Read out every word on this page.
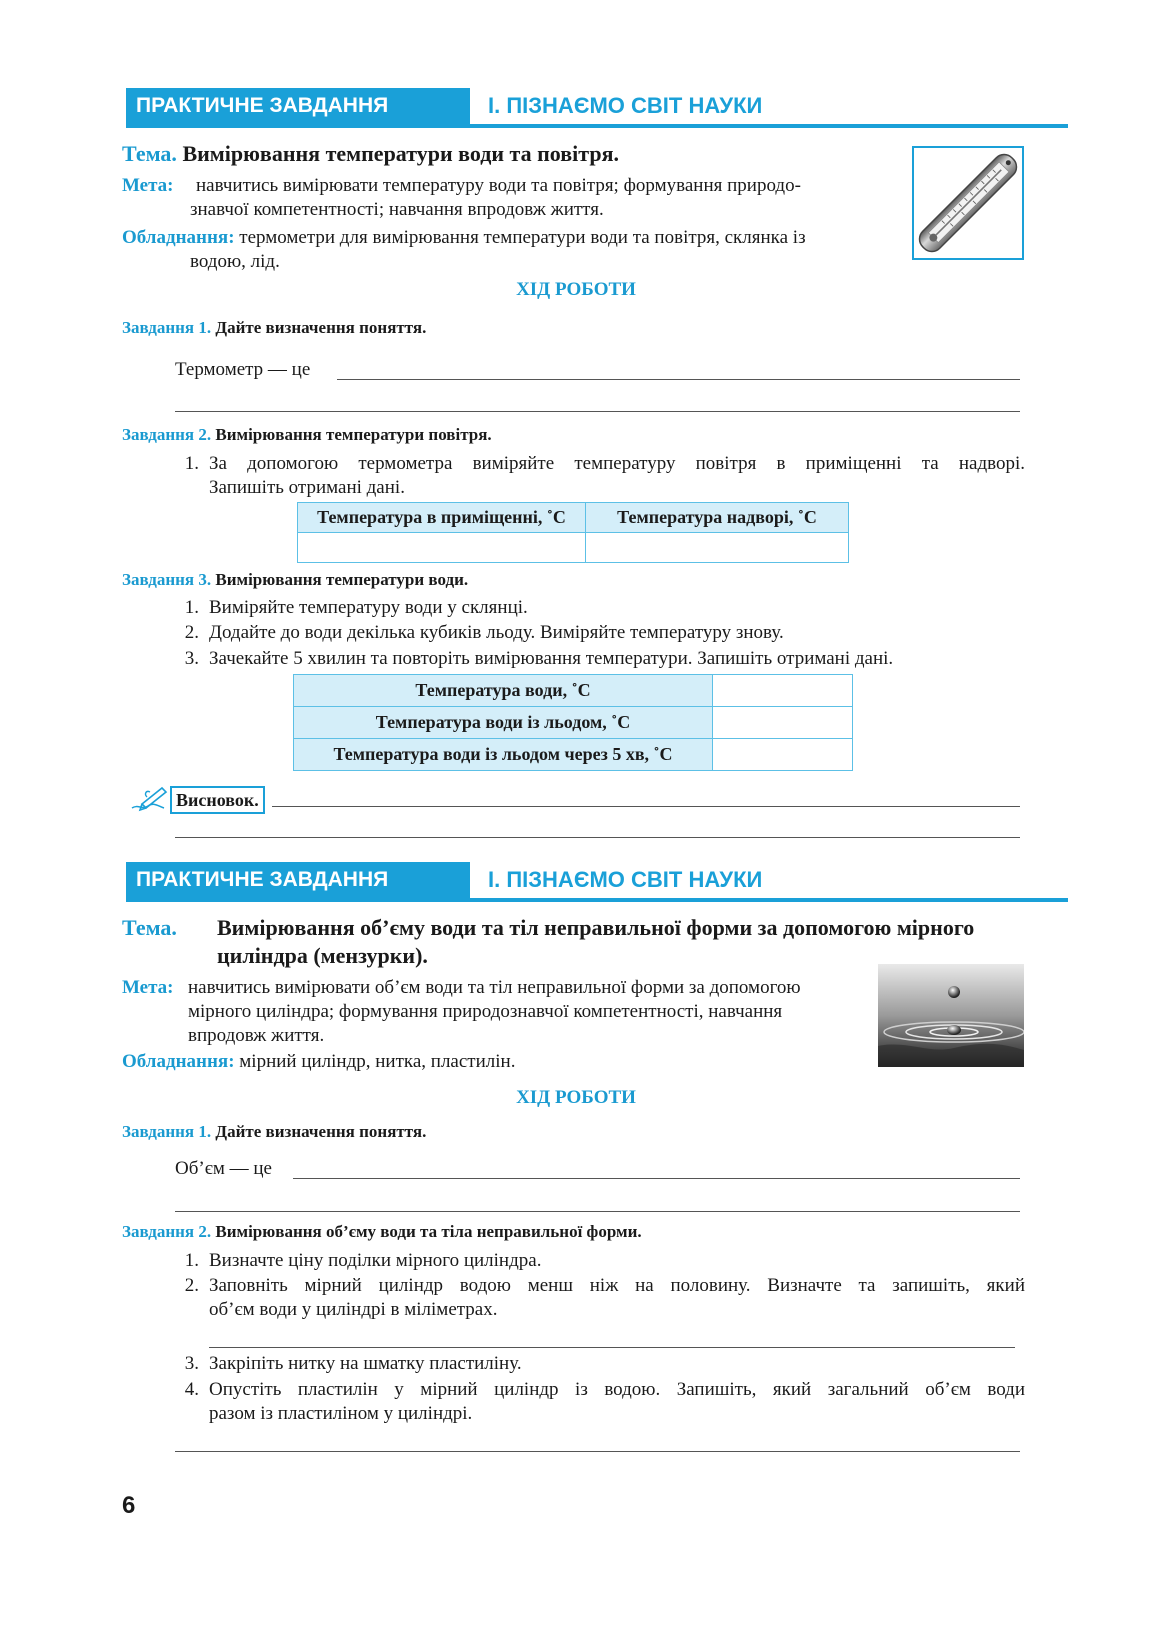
ПРАКТИЧНЕ ЗАВДАННЯ	І. ПІЗНАЄМО СВІТ НАУКИ
Тема. Вимірювання температури води та повітря.
Мета: навчитись вимірювати температуру води та повітря; формування природо-
знавчої компетентності; навчання впродовж життя.
Обладнання: термометри для вимірювання температури води та повітря, склянка із
водою, лід.
ХІД РОБОТИ
Завдання 1. Дайте визначення поняття.
Термометр — це
Завдання 2. Вимірювання температури повітря.
1. За допомогою термометра виміряйте температуру повітря в приміщенні та надворі.
Запишіть отримані дані.
Температура в приміщенні, ˚С	Температура надворі, ˚С

Завдання 3. Вимірювання температури води.
1. Виміряйте температуру води у склянці.
2. Додайте до води декілька кубиків льоду. Виміряйте температуру знову.
3. Зачекайте 5 хвилин та повторіть вимірювання температури. Запишіть отримані дані.
Температура води, ˚С	
Температура води із льодом, ˚С	
Температура води із льодом через 5 хв, ˚С	
Висновок.
ПРАКТИЧНЕ ЗАВДАННЯ	І. ПІЗНАЄМО СВІТ НАУКИ
Тема. Вимірювання об’єму води та тіл неправильної форми за допомогою мірного
циліндра (мензурки).
Мета: навчитись вимірювати об’єм води та тіл неправильної форми за допомогою
мірного циліндра; формування природознавчої компетентності, навчання
впродовж життя.
Обладнання: мірний циліндр, нитка, пластилін.
ХІД РОБОТИ
Завдання 1. Дайте визначення поняття.
Об’єм — це
Завдання 2. Вимірювання об’єму води та тіла неправильної форми.
1. Визначте ціну поділки мірного циліндра.
2. Заповніть мірний циліндр водою менш ніж на половину. Визначте та запишіть, який
об’єм води у циліндрі в міліметрах.
3. Закріпіть нитку на шматку пластиліну.
4. Опустіть пластилін у мірний циліндр із водою. Запишіть, який загальний об’єм води
разом із пластиліном у циліндрі.
6
